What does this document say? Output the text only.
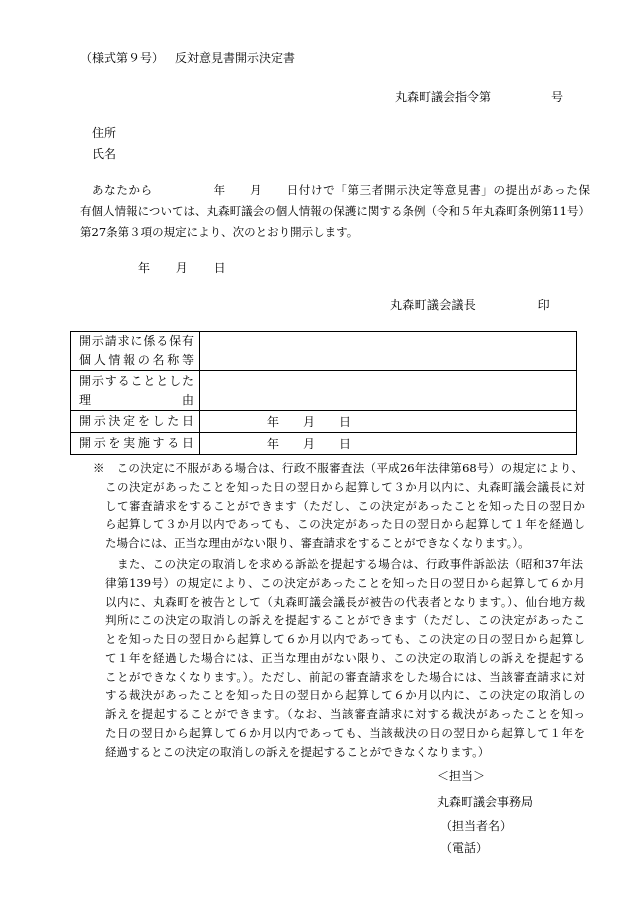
（様式第９号） 反対意見書開示決定書
丸森町議会指令第　　　　　号
住所
氏名
あなたから　　　　　年　　月　　日付けで「第三者開示決定等意見書」の提出があった保
有個人情報については、丸森町議会の個人情報の保護に関する条例（令和５年丸森町条例第11号）
第27条第３項の規定により、次のとおり開示します。
年　　月　　日
丸森町議会議長　　　　　印
開示請求に係る保有
個人情報の名称等	

開示することとした
理由	

開示決定をした日	年　　月　　日

開示を実施する日	年　　月　　日
※　この決定に不服がある場合は、行政不服審査法（平成26年法律第68号）の規定により、
この決定があったことを知った日の翌日から起算して３か月以内に、丸森町議会議長に対
して審査請求をすることができます（ただし、この決定があったことを知った日の翌日か
ら起算して３か月以内であっても、この決定があった日の翌日から起算して１年を経過し
た場合には、正当な理由がない限り、審査請求をすることができなくなります。）。
また、この決定の取消しを求める訴訟を提起する場合は、行政事件訴訟法（昭和37年法
律第139号）の規定により、この決定があったことを知った日の翌日から起算して６か月
以内に、丸森町を被告として（丸森町議会議長が被告の代表者となります。）、仙台地方裁
判所にこの決定の取消しの訴えを提起することができます（ただし、この決定があったこ
とを知った日の翌日から起算して６か月以内であっても、この決定の日の翌日から起算し
て１年を経過した場合には、正当な理由がない限り、この決定の取消しの訴えを提起する
ことができなくなります。）。ただし、前記の審査請求をした場合には、当該審査請求に対
する裁決があったことを知った日の翌日から起算して６か月以内に、この決定の取消しの
訴えを提起することができます。（なお、当該審査請求に対する裁決があったことを知っ
た日の翌日から起算して６か月以内であっても、当該裁決の日の翌日から起算して１年を
経過するとこの決定の取消しの訴えを提起することができなくなります。）
＜担当＞
丸森町議会事務局
（担当者名）
（電話）
